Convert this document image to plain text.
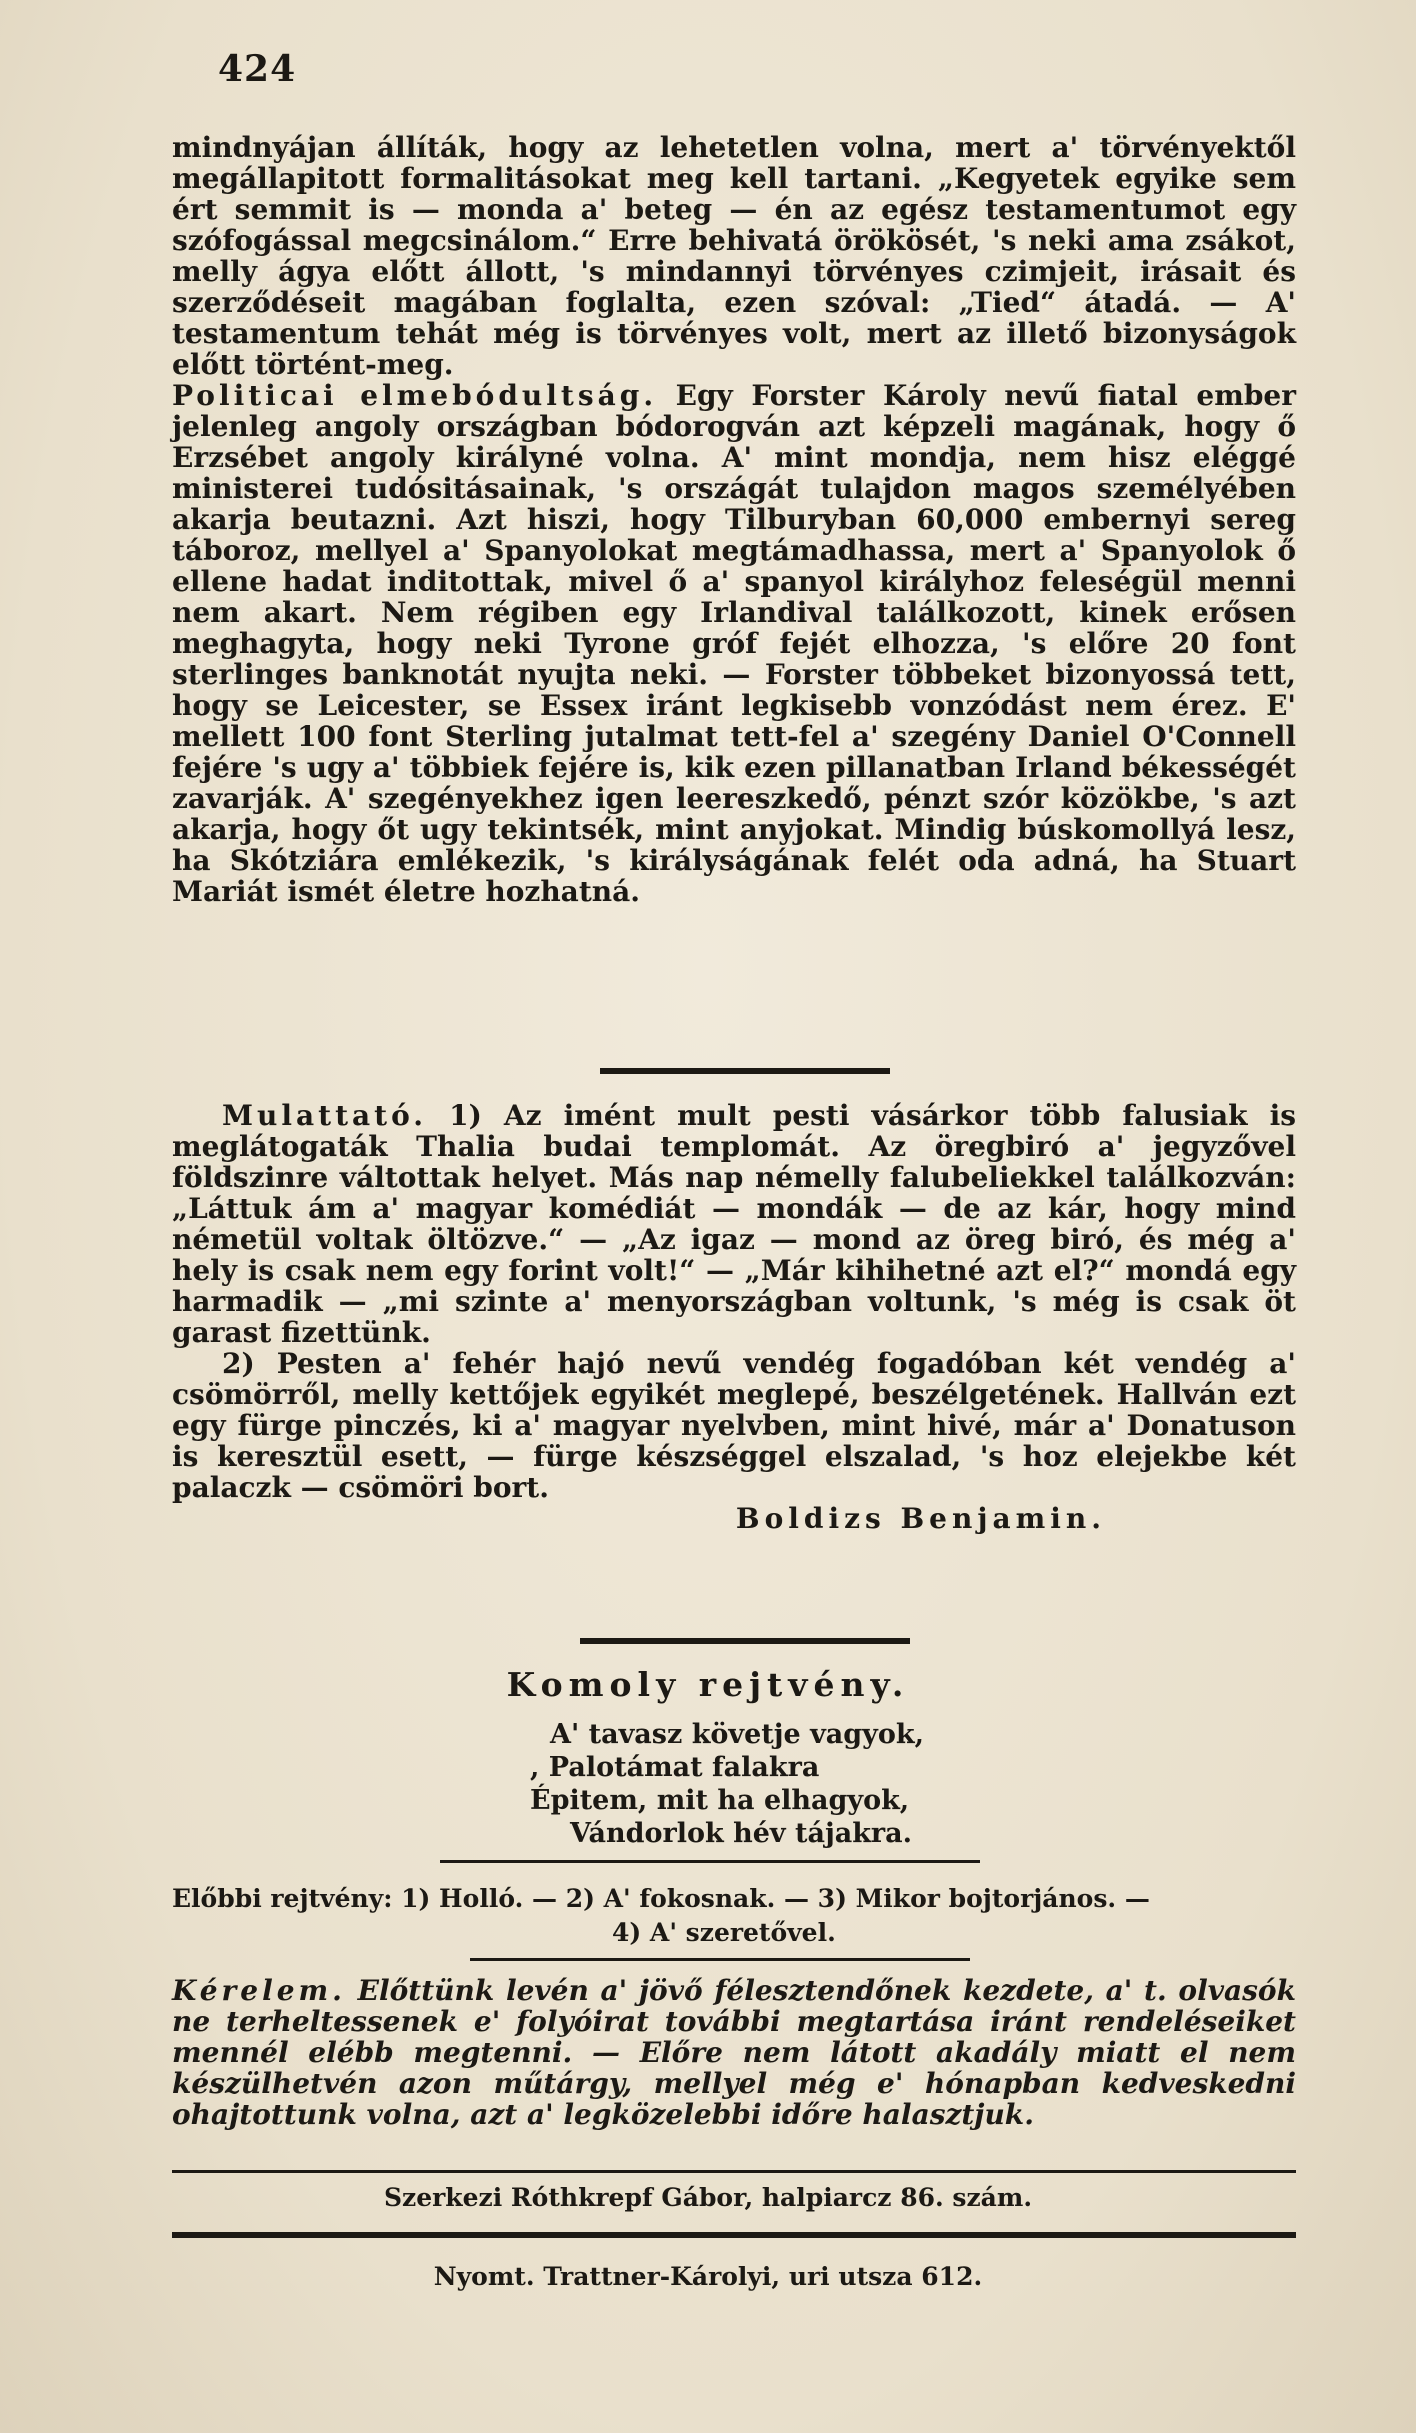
424

mindnyájan állíták, hogy az lehetetlen volna, mert a' törvényektől megállapitott formalitásokat meg kell tartani. „Kegyetek egyike sem ért semmit is — monda a' beteg — én az egész testamentumot egy szófogással megcsinálom.“ Erre behivatá örökösét, 's neki ama zsákot, melly ágya előtt állott, 's mindannyi törvényes czimjeit, irásait és szerződéseit magában foglalta, ezen szóval: „Tied“ átadá. — A' testamentum tehát még is törvényes volt, mert az illető bizonyságok előtt történt-meg.

Politicai elmebódultság. Egy Forster Károly nevű fiatal ember jelenleg angoly országban bódorogván azt képzeli magának, hogy ő Erzsébet angoly királyné volna. A' mint mondja, nem hisz eléggé ministerei tudósitásainak, 's országát tulajdon magos személyében akarja beutazni. Azt hiszi, hogy Tilburyban 60,000 embernyi sereg táboroz, mellyel a' Spanyolokat megtámadhassa, mert a' Spanyolok ő ellene hadat inditottak, mivel ő a' spanyol királyhoz feleségül menni nem akart. Nem régiben egy Irlandival találkozott, kinek erősen meghagyta, hogy neki Tyrone gróf fejét elhozza, 's előre 20 font sterlinges banknotát nyujta neki. — Forster többeket bizonyossá tett, hogy se Leicester, se Essex iránt legkisebb vonzódást nem érez. E' mellett 100 font Sterling jutalmat tett-fel a' szegény Daniel O'Connell fejére 's ugy a' többiek fejére is, kik ezen pillanatban Irland békességét zavarják. A' szegényekhez igen leereszkedő, pénzt szór közökbe, 's azt akarja, hogy őt ugy tekintsék, mint anyjokat. Mindig búskomollyá lesz, ha Skótziára emlékezik, 's királyságának felét oda adná, ha Stuart Mariát ismét életre hozhatná.

Mulattató. 1) Az imént mult pesti vásárkor több falusiak is meglátogaták Thalia budai templomát. Az öregbiró a' jegyzővel földszinre váltottak helyet. Más nap némelly falubeliekkel találkozván: „Láttuk ám a' magyar komédiát — mondák — de az kár, hogy mind németül voltak öltözve.“ — „Az igaz — mond az öreg biró, és még a' hely is csak nem egy forint volt!“ — „Már kihihetné azt el?“ mondá egy harmadik — „mi szinte a' menyországban voltunk, 's még is csak öt garast fizettünk.

2) Pesten a' fehér hajó nevű vendég fogadóban két vendég a' csömörről, melly kettőjek egyikét meglepé, beszélgetének. Hallván ezt egy fürge pinczés, ki a' magyar nyelvben, mint hivé, már a' Donatuson is keresztül esett, — fürge készséggel elszalad, 's hoz elejekbe két palaczk — csömöri bort.

Boldizs Benjamin.

Komoly rejtvény.
A' tavasz követje vagyok,
, Palotámat falakra
Épitem, mit ha elhagyok,
Vándorlok hév tájakra.
Előbbi rejtvény: 1) Holló. — 2) A' fokosnak. — 3) Mikor bojtorjános. —
4) A' szeretővel.
Kérelem. Előttünk levén a' jövő félesztendőnek kezdete, a' t. olvasók ne terheltessenek e' folyóirat további megtartása iránt rendeléseiket mennél elébb megtenni. — Előre nem látott akadály miatt el nem készülhetvén azon műtárgy, mellyel még e' hónapban kedveskedni ohajtottunk volna, azt a' legközelebbi időre halasztjuk.
Szerkezi Róthkrepf Gábor, halpiarcz 86. szám.
Nyomt. Trattner-Károlyi, uri utsza 612.
